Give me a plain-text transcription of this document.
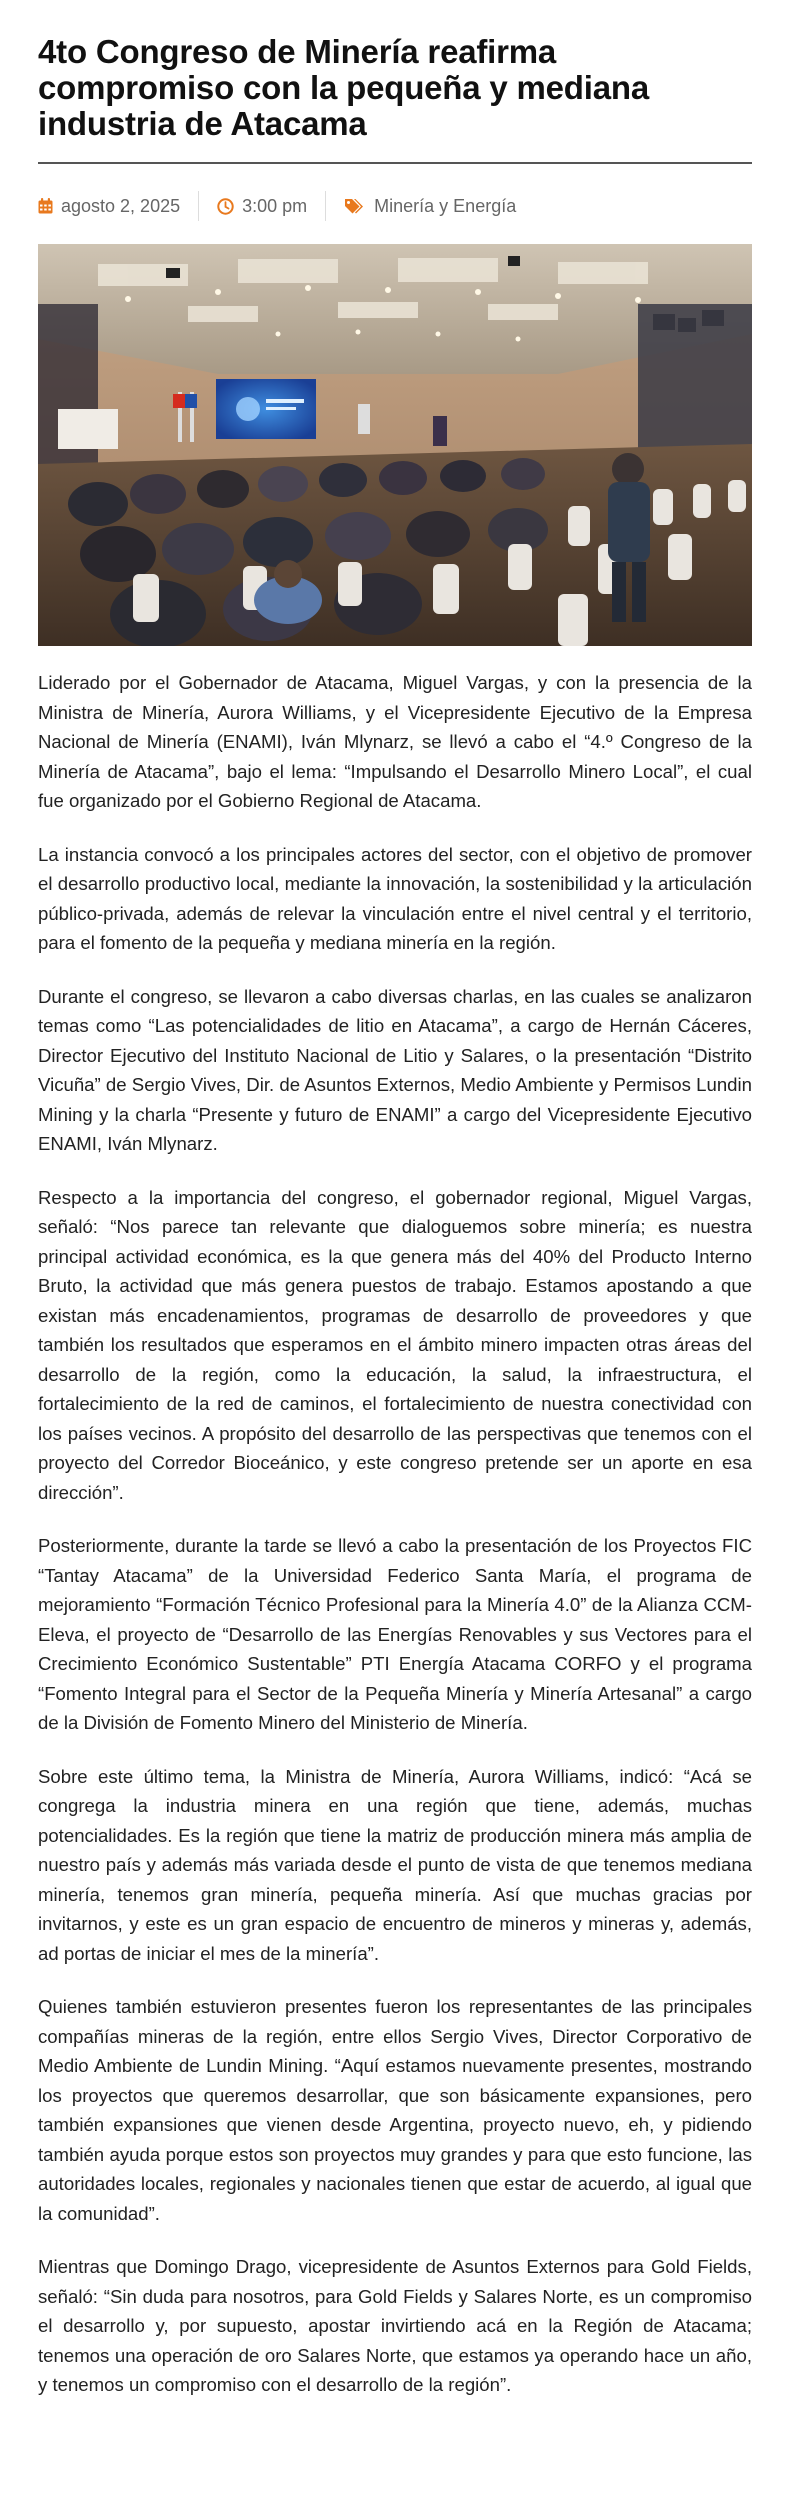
4to Congreso de Minería reafirma compromiso con la pequeña y mediana industria de Atacama
agosto 2, 2025	3:00 pm	Minería y Energía

Liderado por el Gobernador de Atacama, Miguel Vargas, y con la presencia de la Ministra de Minería, Aurora Williams, y el Vicepresidente Ejecutivo de la Empresa Nacional de Minería (ENAMI), Iván Mlynarz, se llevó a cabo el “4.º Congreso de la Minería de Atacama”, bajo el lema: “Impulsando el Desarrollo Minero Local”, el cual fue organizado por el Gobierno Regional de Atacama.

La instancia convocó a los principales actores del sector, con el objetivo de promover el desarrollo productivo local, mediante la innovación, la sostenibilidad y la articulación público-privada, además de relevar la vinculación entre el nivel central y el territorio, para el fomento de la pequeña y mediana minería en la región.

Durante el congreso, se llevaron a cabo diversas charlas, en las cuales se analizaron temas como “Las potencialidades de litio en Atacama”, a cargo de Hernán Cáceres, Director Ejecutivo del Instituto Nacional de Litio y Salares, o la presentación “Distrito Vicuña” de Sergio Vives, Dir. de Asuntos Externos, Medio Ambiente y Permisos Lundin Mining y la charla “Presente y futuro de ENAMI” a cargo del Vicepresidente Ejecutivo ENAMI, Iván Mlynarz.

Respecto a la importancia del congreso, el gobernador regional, Miguel Vargas, señaló: “Nos parece tan relevante que dialoguemos sobre minería; es nuestra principal actividad económica, es la que genera más del 40% del Producto Interno Bruto, la actividad que más genera puestos de trabajo. Estamos apostando a que existan más encadenamientos, programas de desarrollo de proveedores y que también los resultados que esperamos en el ámbito minero impacten otras áreas del desarrollo de la región, como la educación, la salud, la infraestructura, el fortalecimiento de la red de caminos, el fortalecimiento de nuestra conectividad con los países vecinos. A propósito del desarrollo de las perspectivas que tenemos con el proyecto del Corredor Bioceánico, y este congreso pretende ser un aporte en esa dirección”.

Posteriormente, durante la tarde se llevó a cabo la presentación de los Proyectos FIC “Tantay Atacama” de la Universidad Federico Santa María, el programa de mejoramiento “Formación Técnico Profesional para la Minería 4.0” de la Alianza CCM-Eleva, el proyecto de “Desarrollo de las Energías Renovables y sus Vectores para el Crecimiento Económico Sustentable” PTI Energía Atacama CORFO y el programa “Fomento Integral para el Sector de la Pequeña Minería y Minería Artesanal” a cargo de la División de Fomento Minero del Ministerio de Minería.

Sobre este último tema, la Ministra de Minería, Aurora Williams, indicó: “Acá se congrega la industria minera en una región que tiene, además, muchas potencialidades. Es la región que tiene la matriz de producción minera más amplia de nuestro país y además más variada desde el punto de vista de que tenemos mediana minería, tenemos gran minería, pequeña minería. Así que muchas gracias por invitarnos, y este es un gran espacio de encuentro de mineros y mineras y, además, ad portas de iniciar el mes de la minería”.

Quienes también estuvieron presentes fueron los representantes de las principales compañías mineras de la región, entre ellos Sergio Vives, Director Corporativo de Medio Ambiente de Lundin Mining. “Aquí estamos nuevamente presentes, mostrando los proyectos que queremos desarrollar, que son básicamente expansiones, pero también expansiones que vienen desde Argentina, proyecto nuevo, eh, y pidiendo también ayuda porque estos son proyectos muy grandes y para que esto funcione, las autoridades locales, regionales y nacionales tienen que estar de acuerdo, al igual que la comunidad”.

Mientras que Domingo Drago, vicepresidente de Asuntos Externos para Gold Fields, señaló: “Sin duda para nosotros, para Gold Fields y Salares Norte, es un compromiso el desarrollo y, por supuesto, apostar invirtiendo acá en la Región de Atacama; tenemos una operación de oro Salares Norte, que estamos ya operando hace un año, y tenemos un compromiso con el desarrollo de la región”.
